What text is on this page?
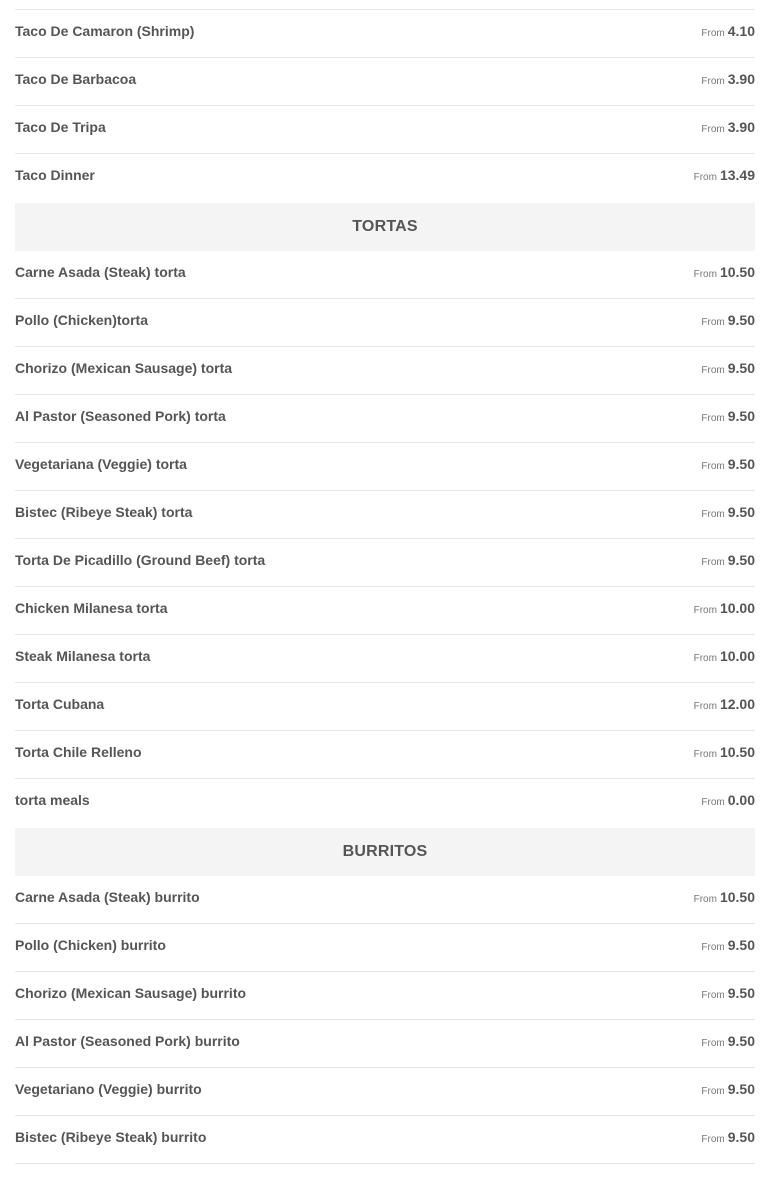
Taco De Camaron (Shrimp)	From 4.10
Taco De Barbacoa	From 3.90
Taco De Tripa	From 3.90
Taco Dinner	From 13.49
TORTAS
Carne Asada (Steak) torta	From 10.50
Pollo (Chicken)torta	From 9.50
Chorizo (Mexican Sausage) torta	From 9.50
Al Pastor (Seasoned Pork) torta	From 9.50
Vegetariana (Veggie) torta	From 9.50
Bistec (Ribeye Steak) torta	From 9.50
Torta De Picadillo (Ground Beef) torta	From 9.50
Chicken Milanesa torta	From 10.00
Steak Milanesa torta	From 10.00
Torta Cubana	From 12.00
Torta Chile Relleno	From 10.50
torta meals	From 0.00
BURRITOS
Carne Asada (Steak) burrito	From 10.50
Pollo (Chicken) burrito	From 9.50
Chorizo (Mexican Sausage) burrito	From 9.50
Al Pastor (Seasoned Pork) burrito	From 9.50
Vegetariano (Veggie) burrito	From 9.50
Bistec (Ribeye Steak) burrito	From 9.50
